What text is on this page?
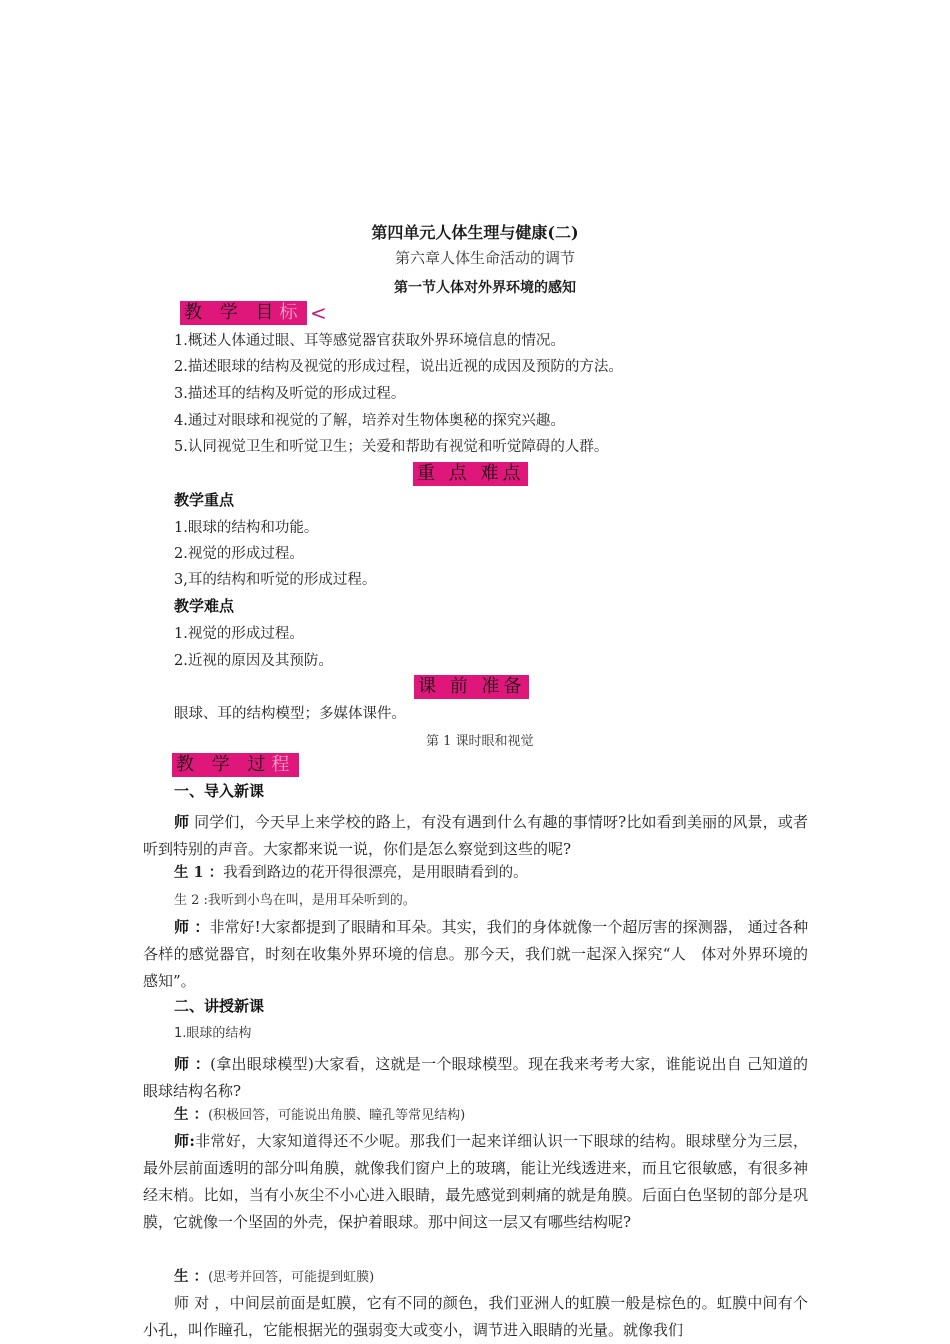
第四单元人体生理与健康(二)
第六章人体生命活动的调节
第一节人体对外界环境的感知
教 学 目标 <
1.概述人体通过眼、耳等感觉器官获取外界环境信息的情况。
2.描述眼球的结构及视觉的形成过程，说出近视的成因及预防的方法。
3.描述耳的结构及听觉的形成过程。
4.通过对眼球和视觉的了解，培养对生物体奥秘的探究兴趣。
5.认同视觉卫生和听觉卫生；关爱和帮助有视觉和听觉障碍的人群。
重 点 难点
教学重点
1.眼球的结构和功能。
2.视觉的形成过程。
3,耳的结构和听觉的形成过程。
教学难点
1.视觉的形成过程。
2.近视的原因及其预防。
课 前 准备
眼球、耳的结构模型；多媒体课件。
第 1 课时眼和视觉
教 学 过程
一、导入新课
师 同学们，今天早上来学校的路上，有没有遇到什么有趣的事情呀?比如看到美丽的风景，或者听到特别的声音。大家都来说一说，你们是怎么察觉到这些的呢?
生 1 ：我看到路边的花开得很漂亮，是用眼睛看到的。
生 2 :我听到小鸟在叫，是用耳朵听到的。
师 ：非常好!大家都提到了眼睛和耳朵。其实，我们的身体就像一个超厉害的探测器， 通过各种各样的感觉器官，时刻在收集外界环境的信息。那今天，我们就一起深入探究“人　体对外界环境的感知”。
二、讲授新课
1.眼球的结构
师 ：(拿出眼球模型)大家看，这就是一个眼球模型。现在我来考考大家，谁能说出自 己知道的眼球结构名称?
生 ：(积极回答，可能说出角膜、瞳孔等常见结构)
师:非常好，大家知道得还不少呢。那我们一起来详细认识一下眼球的结构。眼球壁分为三层，最外层前面透明的部分叫角膜，就像我们窗户上的玻璃，能让光线透进来，而且它很敏感，有很多神经末梢。比如，当有小灰尘不小心进入眼睛，最先感觉到刺痛的就是角膜。后面白色坚韧的部分是巩膜，它就像一个坚固的外壳，保护着眼球。那中间这一层又有哪些结构呢?
生 ：(思考并回答，可能提到虹膜)
师 对 ，中间层前面是虹膜，它有不同的颜色，我们亚洲人的虹膜一般是棕色的。虹膜中间有个小孔，叫作瞳孔，它能根据光的强弱变大或变小，调节进入眼睛的光量。就像我们
